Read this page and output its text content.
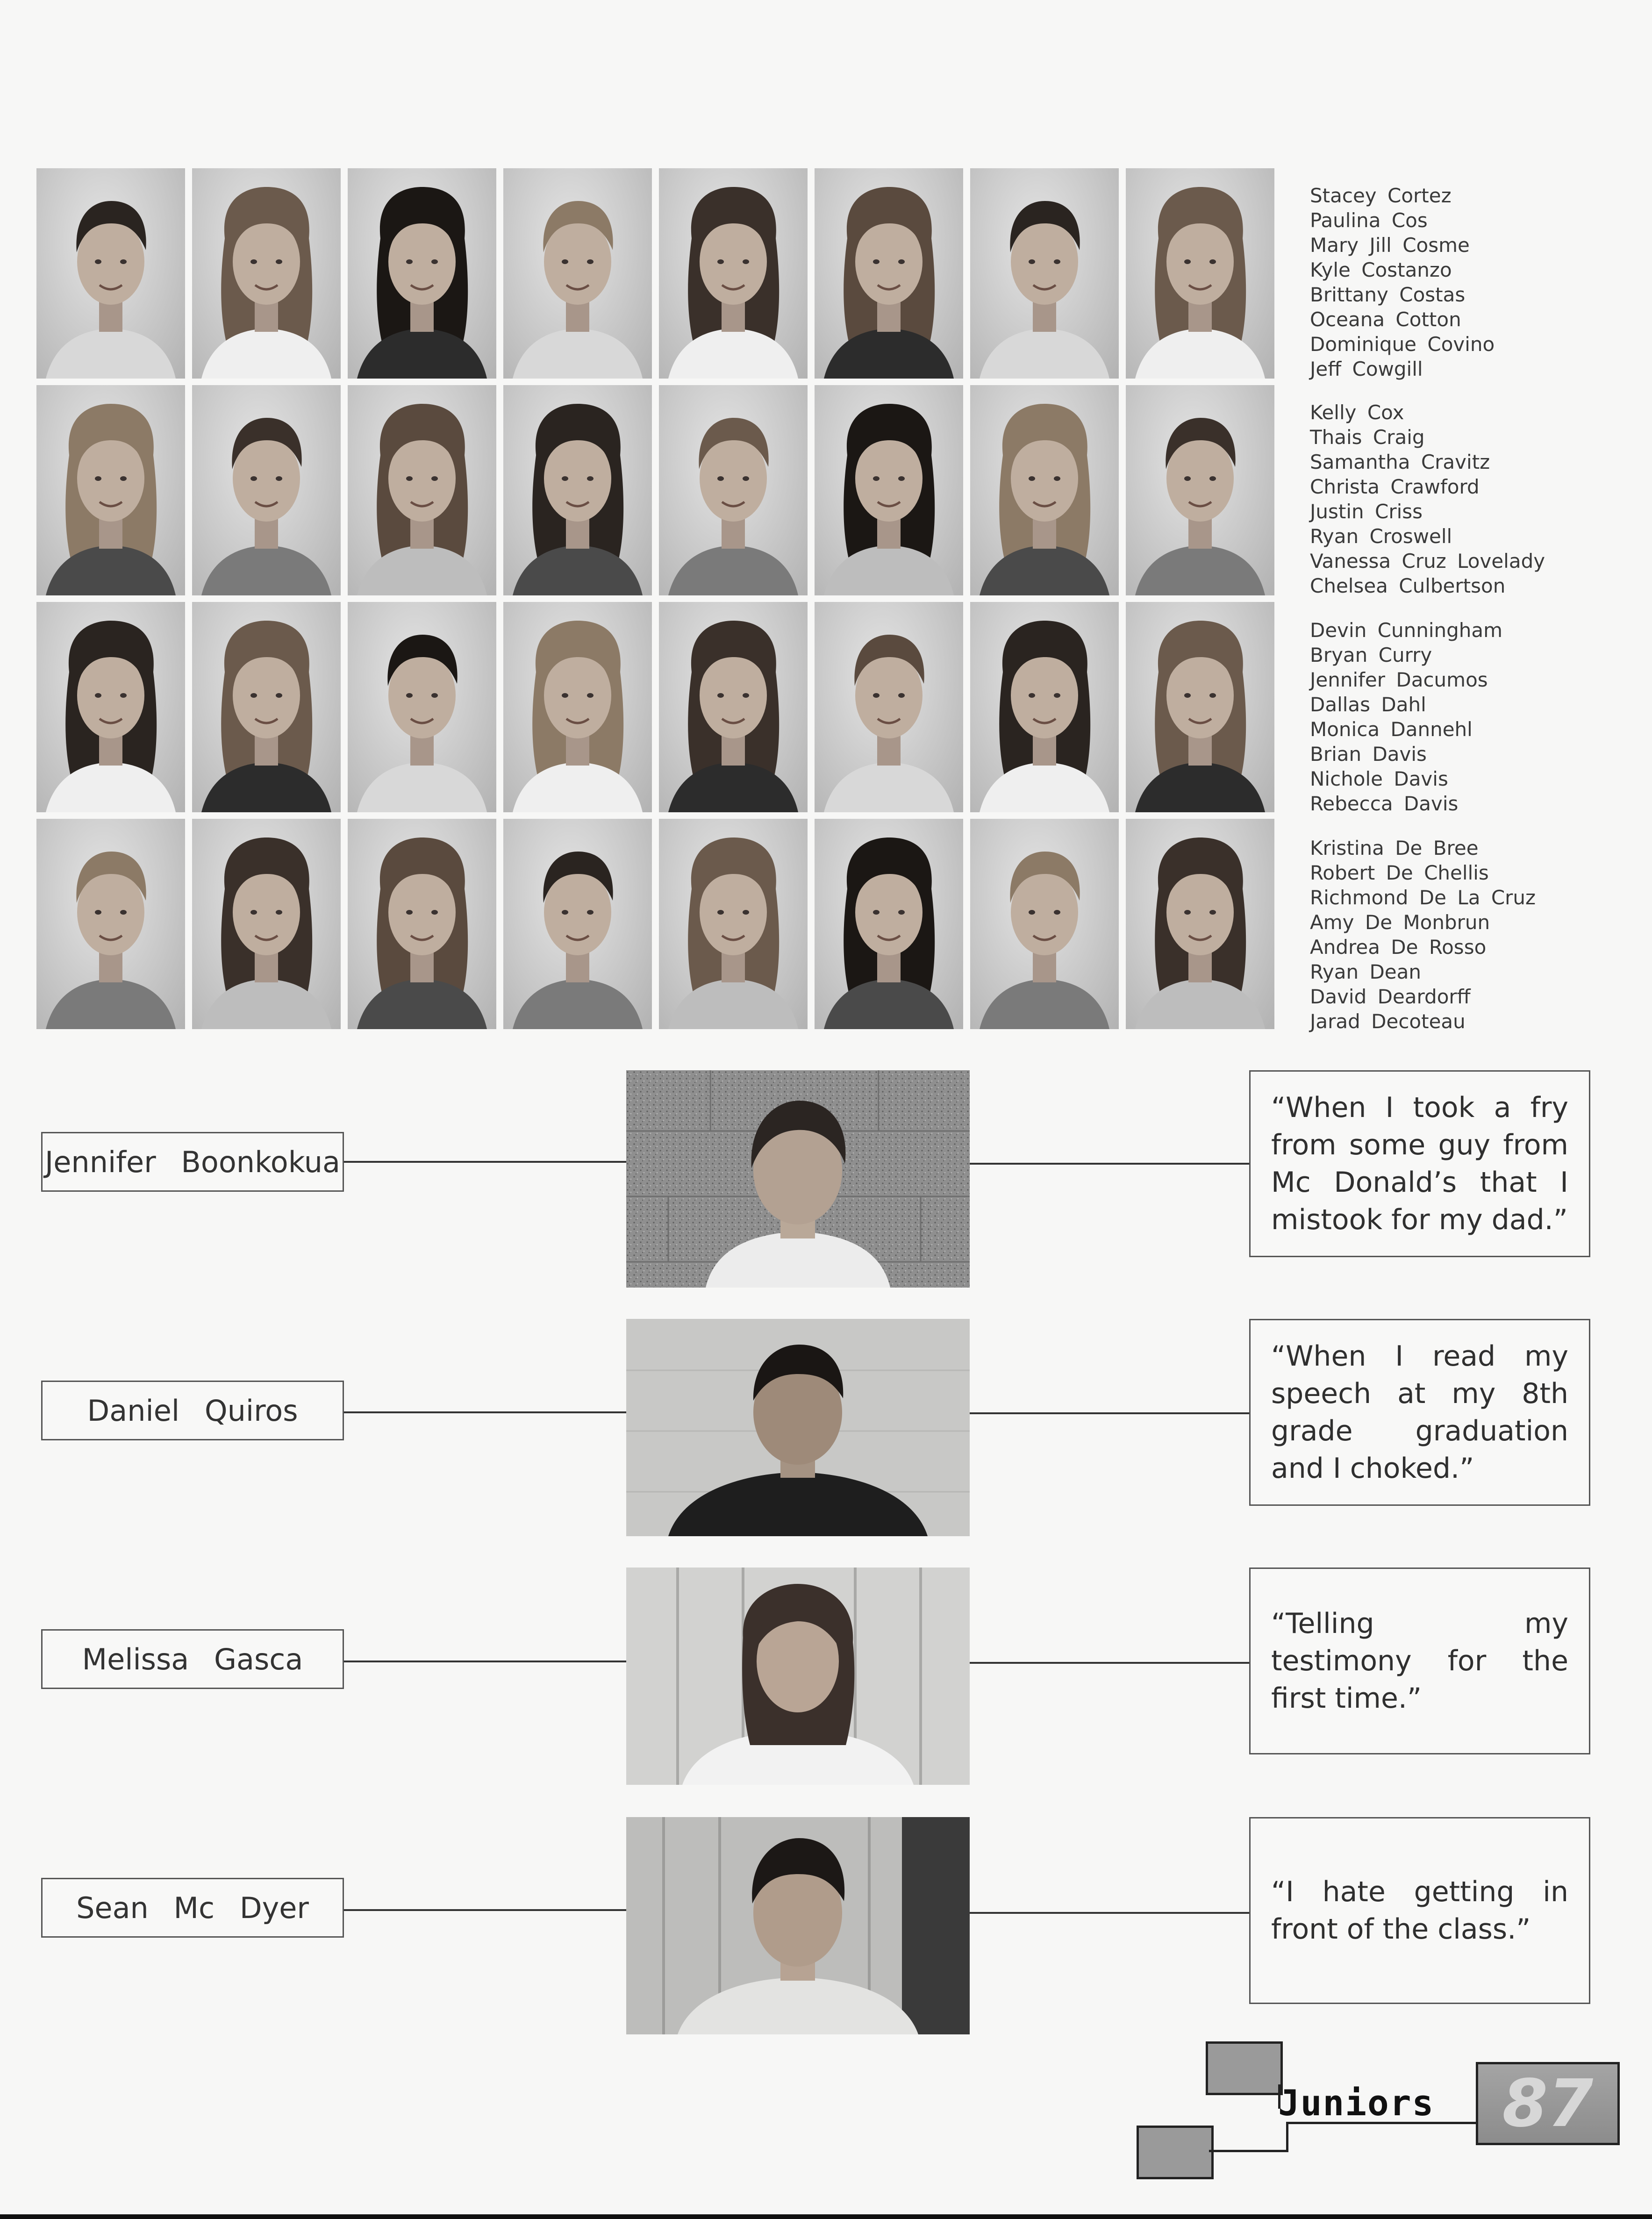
Stacey Cortez
Paulina Cos
Mary Jill Cosme
Kyle Costanzo
Brittany Costas
Oceana Cotton
Dominique Covino
Jeff Cowgill
Kelly Cox
Thais Craig
Samantha Cravitz
Christa Crawford
Justin Criss
Ryan Croswell
Vanessa Cruz Lovelady
Chelsea Culbertson
Devin Cunningham
Bryan Curry
Jennifer Dacumos
Dallas Dahl
Monica Dannehl
Brian Davis
Nichole Davis
Rebecca Davis
Kristina De Bree
Robert De Chellis
Richmond De La Cruz
Amy De Monbrun
Andrea De Rosso
Ryan Dean
David Deardorff
Jarad Decoteau
Jennifer Boonkokua
“When I took a fry from some guy from Mc Donald’s that I mistook for my dad.”
Daniel Quiros
“When I read my speech at my 8th grade graduation and I choked.”
Melissa Gasca
“Telling my testimony for the first time.”
Sean Mc Dyer	“I hate getting in front of the class.”
Juniors	87
